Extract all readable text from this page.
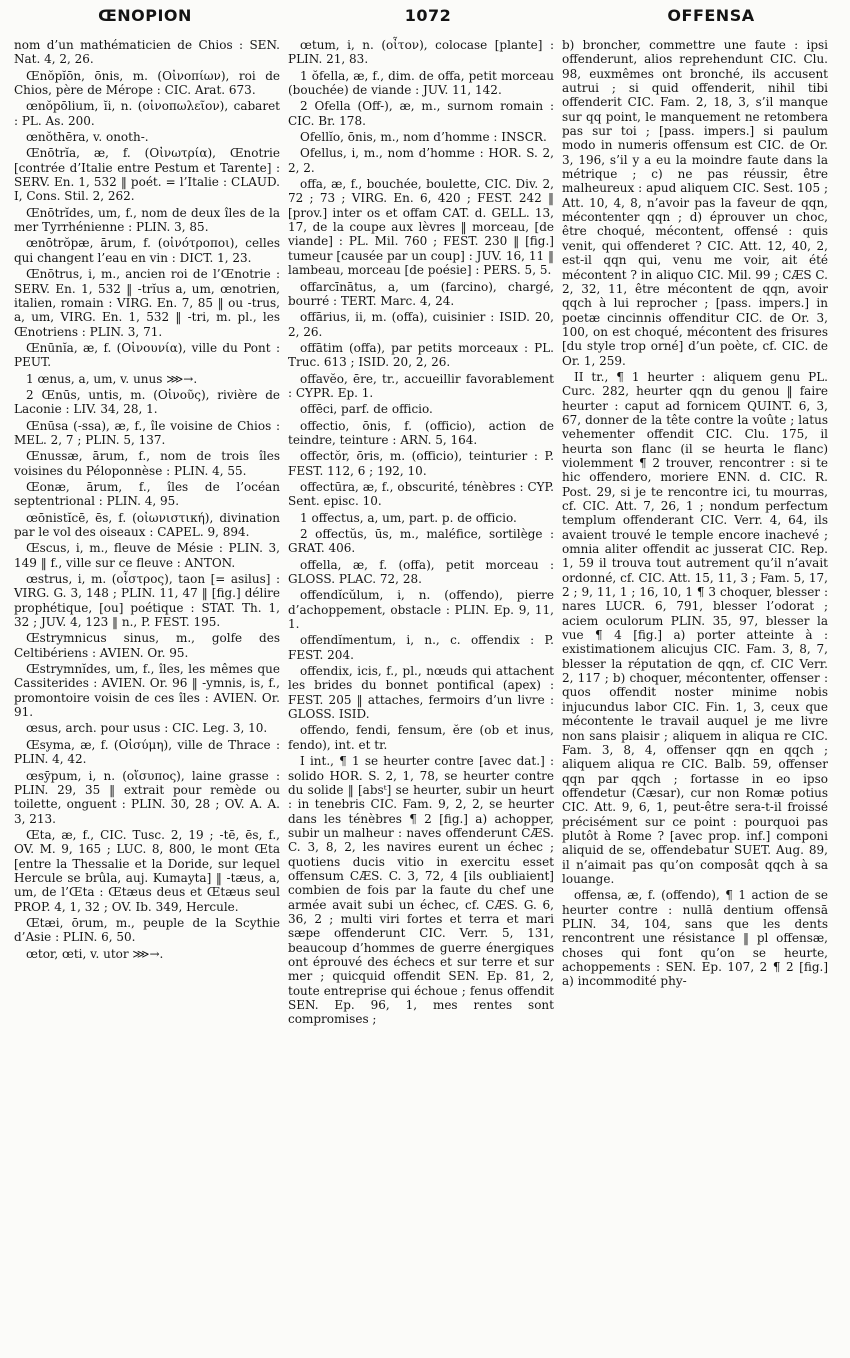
ŒNOPION	1072	OFFENSA

nom d’un mathématicien de Chios : SEN. Nat. 4, 2, 26.

Œnŏpĭōn, ōnis, m. (Οἰνοπίων), roi de Chios, père de Mérope : CIC. Arat. 673.

œnŏpōlium, ĭi, n. (οἰνοπωλεῖον), cabaret : PL. As. 200.

œnŏthēra, v. onoth-.

Œnōtrĭa, æ, f. (Οἰνωτρία), Œnotrie [contrée d’Italie entre Pestum et Tarente] : SERV. En. 1, 532 ‖ poét. = l’Italie : CLAUD. I, Cons. Stil. 2, 262.

Œnōtrĭdes, um, f., nom de deux îles de la mer Tyrrhénienne : PLIN. 3, 85.

œnōtrŏpæ, ārum, f. (οἰνότροποι), celles qui changent l’eau en vin : DICT. 1, 23.

Œnōtrus, i, m., ancien roi de l’Œnotrie : SERV. En. 1, 532 ‖ -trĭus a, um, œnotrien, italien, romain : VIRG. En. 7, 85 ‖ ou -trus, a, um, VIRG. En. 1, 532 ‖ -tri, m. pl., les Œnotriens : PLIN. 3, 71.

Œnūnĭa, æ, f. (Οἰνουνία), ville du Pont : PEUT.

1 œnus, a, um, v. unus ⋙→.

2 Œnūs, untis, m. (Οἰνοῦς), rivière de Laconie : LIV. 34, 28, 1.

Œnūsa (-ssa), æ, f., île voisine de Chios : MEL. 2, 7 ; PLIN. 5, 137.

Œnussæ, ārum, f., nom de trois îles voisines du Péloponnèse : PLIN. 4, 55.

Œonæ, ārum, f., îles de l’océan septentrional : PLIN. 4, 95.

œōnistĭcē, ēs, f. (οἰωνιστική), divination par le vol des oiseaux : CAPEL. 9, 894.

Œscus, i, m., fleuve de Mésie : PLIN. 3, 149 ‖ f., ville sur ce fleuve : ANTON.

œstrus, i, m. (οἶστρος), taon [= asilus] : VIRG. G. 3, 148 ; PLIN. 11, 47 ‖ [fig.] délire prophétique, [ou] poétique : STAT. Th. 1, 32 ; JUV. 4, 123 ‖ n., P. FEST. 195.

Œstrymnicus sinus, m., golfe des Celtibériens : AVIEN. Or. 95.

Œstrymnĭdes, um, f., îles, les mêmes que Cassiterides : AVIEN. Or. 96 ‖ -ymnis, is, f., promontoire voisin de ces îles : AVIEN. Or. 91.

œsus, arch. pour usus : CIC. Leg. 3, 10.

Œsyma, æ, f. (Οἰσύμη), ville de Thrace : PLIN. 4, 42.

œsȳpum, i, n. (οἴσυπος), laine grasse : PLIN. 29, 35 ‖ extrait pour remède ou toilette, onguent : PLIN. 30, 28 ; OV. A. A. 3, 213.

Œta, æ, f., CIC. Tusc. 2, 19 ; -tē, ēs, f., OV. M. 9, 165 ; LUC. 8, 800, le mont Œta [entre la Thessalie et la Doride, sur lequel Hercule se brûla, auj. Kumayta] ‖ -tæus, a, um, de l’Œta : Œtæus deus et Œtæus seul PROP. 4, 1, 32 ; OV. Ib. 349, Hercule.

Œtæi, ōrum, m., peuple de la Scythie d’Asie : PLIN. 6, 50.

œtor, œti, v. utor ⋙→.

œtum, i, n. (οἶτον), colocase [plante] : PLIN. 21, 83.

1 ŏfella, æ, f., dim. de offa, petit morceau (bouchée) de viande : JUV. 11, 142.

2 Ofella (Off-), æ, m., surnom romain : CIC. Br. 178.

Ofellĭo, ōnis, m., nom d’homme : INSCR.

Ofellus, i, m., nom d’homme : HOR. S. 2, 2, 2.

offa, æ, f., bouchée, boulette, CIC. Div. 2, 72 ; 73 ; VIRG. En. 6, 420 ; FEST. 242 ‖ [prov.] inter os et offam CAT. d. GELL. 13, 17, de la coupe aux lèvres ‖ morceau, [de viande] : PL. Mil. 760 ; FEST. 230 ‖ [fig.] tumeur [causée par un coup] : JUV. 16, 11 ‖ lambeau, morceau [de poésie] : PERS. 5, 5.

offarcīnātus, a, um (farcino), chargé, bourré : TERT. Marc. 4, 24.

offārius, ii, m. (offa), cuisinier : ISID. 20, 2, 26.

offātim (offa), par petits morceaux : PL. Truc. 613 ; ISID. 20, 2, 26.

offavĕo, ēre, tr., accueillir favorablement : CYPR. Ep. 1.

offēci, parf. de officio.

offectio, ōnis, f. (officio), action de teindre, teinture : ARN. 5, 164.

offectŏr, ōris, m. (officio), teinturier : P. FEST. 112, 6 ; 192, 10.

offectūra, æ, f., obscurité, ténèbres : CYP. Sent. episc. 10.

1 offectus, a, um, part. p. de officio.

2 offectŭs, ūs, m., maléfice, sortilège : GRAT. 406.

offella, æ, f. (offa), petit morceau : GLOSS. PLAC. 72, 28.

offendĭcŭlum, i, n. (offendo), pierre d’achoppement, obstacle : PLIN. Ep. 9, 11, 1.

offendĭmentum, i, n., c. offendix : P. FEST. 204.

offendix, icis, f., pl., nœuds qui attachent les brides du bonnet pontifical (apex) : FEST. 205 ‖ attaches, fermoirs d’un livre : GLOSS. ISID.

offendo, fendi, fensum, ĕre (ob et inus, fendo), int. et tr.

I int., ¶ 1 se heurter contre [avec dat.] : solido HOR. S. 2, 1, 78, se heurter contre du solide ‖ [absᵗ] se heurter, subir un heurt : in tenebris CIC. Fam. 9, 2, 2, se heurter dans les ténèbres ¶ 2 [fig.] a) achopper, subir un malheur : naves offenderunt CÆS. C. 3, 8, 2, les navires eurent un échec ; quotiens ducis vitio in exercitu esset offensum CÆS. C. 3, 72, 4 [ils oubliaient] combien de fois par la faute du chef une armée avait subi un échec, cf. CÆS. G. 6, 36, 2 ; multi viri fortes et terra et mari sæpe offenderunt CIC. Verr. 5, 131, beaucoup d’hommes de guerre énergiques ont éprouvé des échecs et sur terre et sur mer ; quicquid offendit SEN. Ep. 81, 2, toute entreprise qui échoue ; fenus offendit SEN. Ep. 96, 1, mes rentes sont compromises ;

b) broncher, commettre une faute : ipsi offenderunt, alios reprehendunt CIC. Clu. 98, euxmêmes ont bronché, ils accusent autrui ; si quid offenderit, nihil tibi offenderit CIC. Fam. 2, 18, 3, s’il manque sur qq point, le manquement ne retombera pas sur toi ; [pass. impers.] si paulum modo in numeris offensum est CIC. de Or. 3, 196, s’il y a eu la moindre faute dans la métrique ; c) ne pas réussir, être malheureux : apud aliquem CIC. Sest. 105 ; Att. 10, 4, 8, n’avoir pas la faveur de qqn, mécontenter qqn ; d) éprouver un choc, être choqué, mécontent, offensé : quis venit, qui offenderet ? CIC. Att. 12, 40, 2, est-il qqn qui, venu me voir, ait été mécontent ? in aliquo CIC. Mil. 99 ; CÆS C. 2, 32, 11, être mécontent de qqn, avoir qqch à lui reprocher ; [pass. impers.] in poetæ cincinnis offenditur CIC. de Or. 3, 100, on est choqué, mécontent des frisures [du style trop orné] d’un poète, cf. CIC. de Or. 1, 259.

II tr., ¶ 1 heurter : aliquem genu PL. Curc. 282, heurter qqn du genou ‖ faire heurter : caput ad fornicem QUINT. 6, 3, 67, donner de la tête contre la voûte ; latus vehementer offendit CIC. Clu. 175, il heurta son flanc (il se heurta le flanc) violemment ¶ 2 trouver, rencontrer : si te hic offendero, moriere ENN. d. CIC. R. Post. 29, si je te rencontre ici, tu mourras, cf. CIC. Att. 7, 26, 1 ; nondum perfectum templum offenderant CIC. Verr. 4, 64, ils avaient trouvé le temple encore inachevé ; omnia aliter offendit ac jusserat CIC. Rep. 1, 59 il trouva tout autrement qu’il n’avait ordonné, cf. CIC. Att. 15, 11, 3 ; Fam. 5, 17, 2 ; 9, 11, 1 ; 16, 10, 1 ¶ 3 choquer, blesser : nares LUCR. 6, 791, blesser l’odorat ; aciem oculorum PLIN. 35, 97, blesser la vue ¶ 4 [fig.] a) porter atteinte à : existimationem alicujus CIC. Fam. 3, 8, 7, blesser la réputation de qqn, cf. CIC Verr. 2, 117 ; b) choquer, mécontenter, offenser : quos offendit noster minime nobis injucundus labor CIC. Fin. 1, 3, ceux que mécontente le travail auquel je me livre non sans plaisir ; aliquem in aliqua re CIC. Fam. 3, 8, 4, offenser qqn en qqch ; aliquem aliqua re CIC. Balb. 59, offenser qqn par qqch ; fortasse in eo ipso offendetur (Cæsar), cur non Romæ potius CIC. Att. 9, 6, 1, peut-être sera-t-il froissé précisément sur ce point : pourquoi pas plutôt à Rome ? [avec prop. inf.] componi aliquid de se, offendebatur SUET. Aug. 89, il n’aimait pas qu’on composât qqch à sa louange.

offensa, æ, f. (offendo), ¶ 1 action de se heurter contre : nullā dentium offensā PLIN. 34, 104, sans que les dents rencontrent une résistance ‖ pl offensæ, choses qui font qu’on se heurte, achoppements : SEN. Ep. 107, 2 ¶ 2 [fig.] a) incommodité phy-
